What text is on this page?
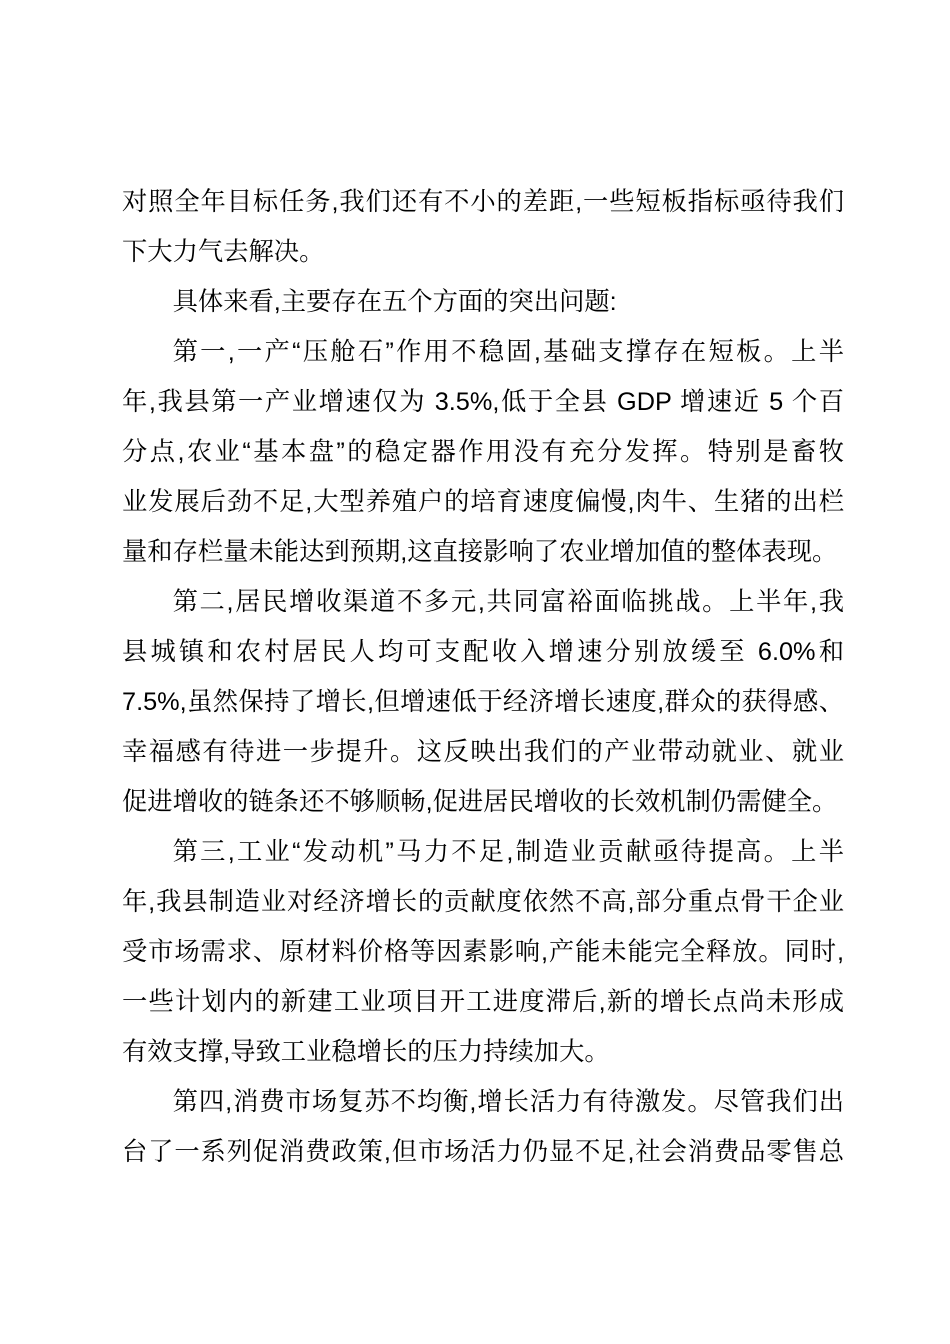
对照全年目标任务,我们还有不小的差距,一些短板指标亟待我们
下大力气去解决。
具体来看,主要存在五个方面的突出问题:
第一,一产“压舱石”作用不稳固,基础支撑存在短板。上半
年,我县第一产业增速仅为 3.5%,低于全县 GDP 增速近 5 个百
分点,农业“基本盘”的稳定器作用没有充分发挥。特别是畜牧
业发展后劲不足,大型养殖户的培育速度偏慢,肉牛、生猪的出栏
量和存栏量未能达到预期,这直接影响了农业增加值的整体表现。
第二,居民增收渠道不多元,共同富裕面临挑战。上半年,我
县城镇和农村居民人均可支配收入增速分别放缓至 6.0%和
7.5%,虽然保持了增长,但增速低于经济增长速度,群众的获得感、
幸福感有待进一步提升。这反映出我们的产业带动就业、就业
促进增收的链条还不够顺畅,促进居民增收的长效机制仍需健全。
第三,工业“发动机”马力不足,制造业贡献亟待提高。上半
年,我县制造业对经济增长的贡献度依然不高,部分重点骨干企业
受市场需求、原材料价格等因素影响,产能未能完全释放。同时,
一些计划内的新建工业项目开工进度滞后,新的增长点尚未形成
有效支撑,导致工业稳增长的压力持续加大。
第四,消费市场复苏不均衡,增长活力有待激发。尽管我们出
台了一系列促消费政策,但市场活力仍显不足,社会消费品零售总
